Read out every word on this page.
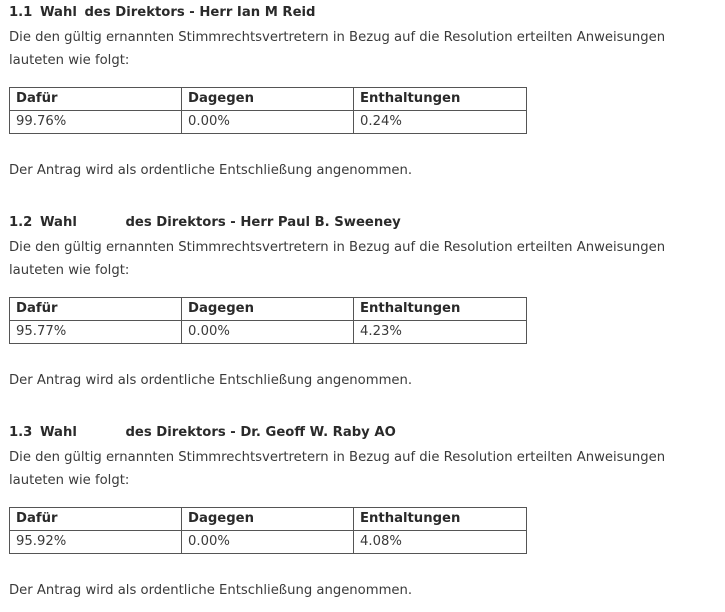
1.1 Wahl des Direktors - Herr Ian M Reid
Die den gültig ernannten Stimmrechtsvertretern in Bezug auf die Resolution erteilten Anweisungen lauteten wie folgt:
Dafür	Dagegen	Enthaltungen
99.76%	0.00%	0.24%
Der Antrag wird als ordentliche Entschließung angenommen.
1.2 Wahl	des Direktors - Herr Paul B. Sweeney
Die den gültig ernannten Stimmrechtsvertretern in Bezug auf die Resolution erteilten Anweisungen lauteten wie folgt:
Dafür	Dagegen	Enthaltungen
95.77%	0.00%	4.23%
Der Antrag wird als ordentliche Entschließung angenommen.
1.3 Wahl	des Direktors - Dr. Geoff W. Raby AO
Die den gültig ernannten Stimmrechtsvertretern in Bezug auf die Resolution erteilten Anweisungen lauteten wie folgt:
Dafür	Dagegen	Enthaltungen
95.92%	0.00%	4.08%
Der Antrag wird als ordentliche Entschließung angenommen.
